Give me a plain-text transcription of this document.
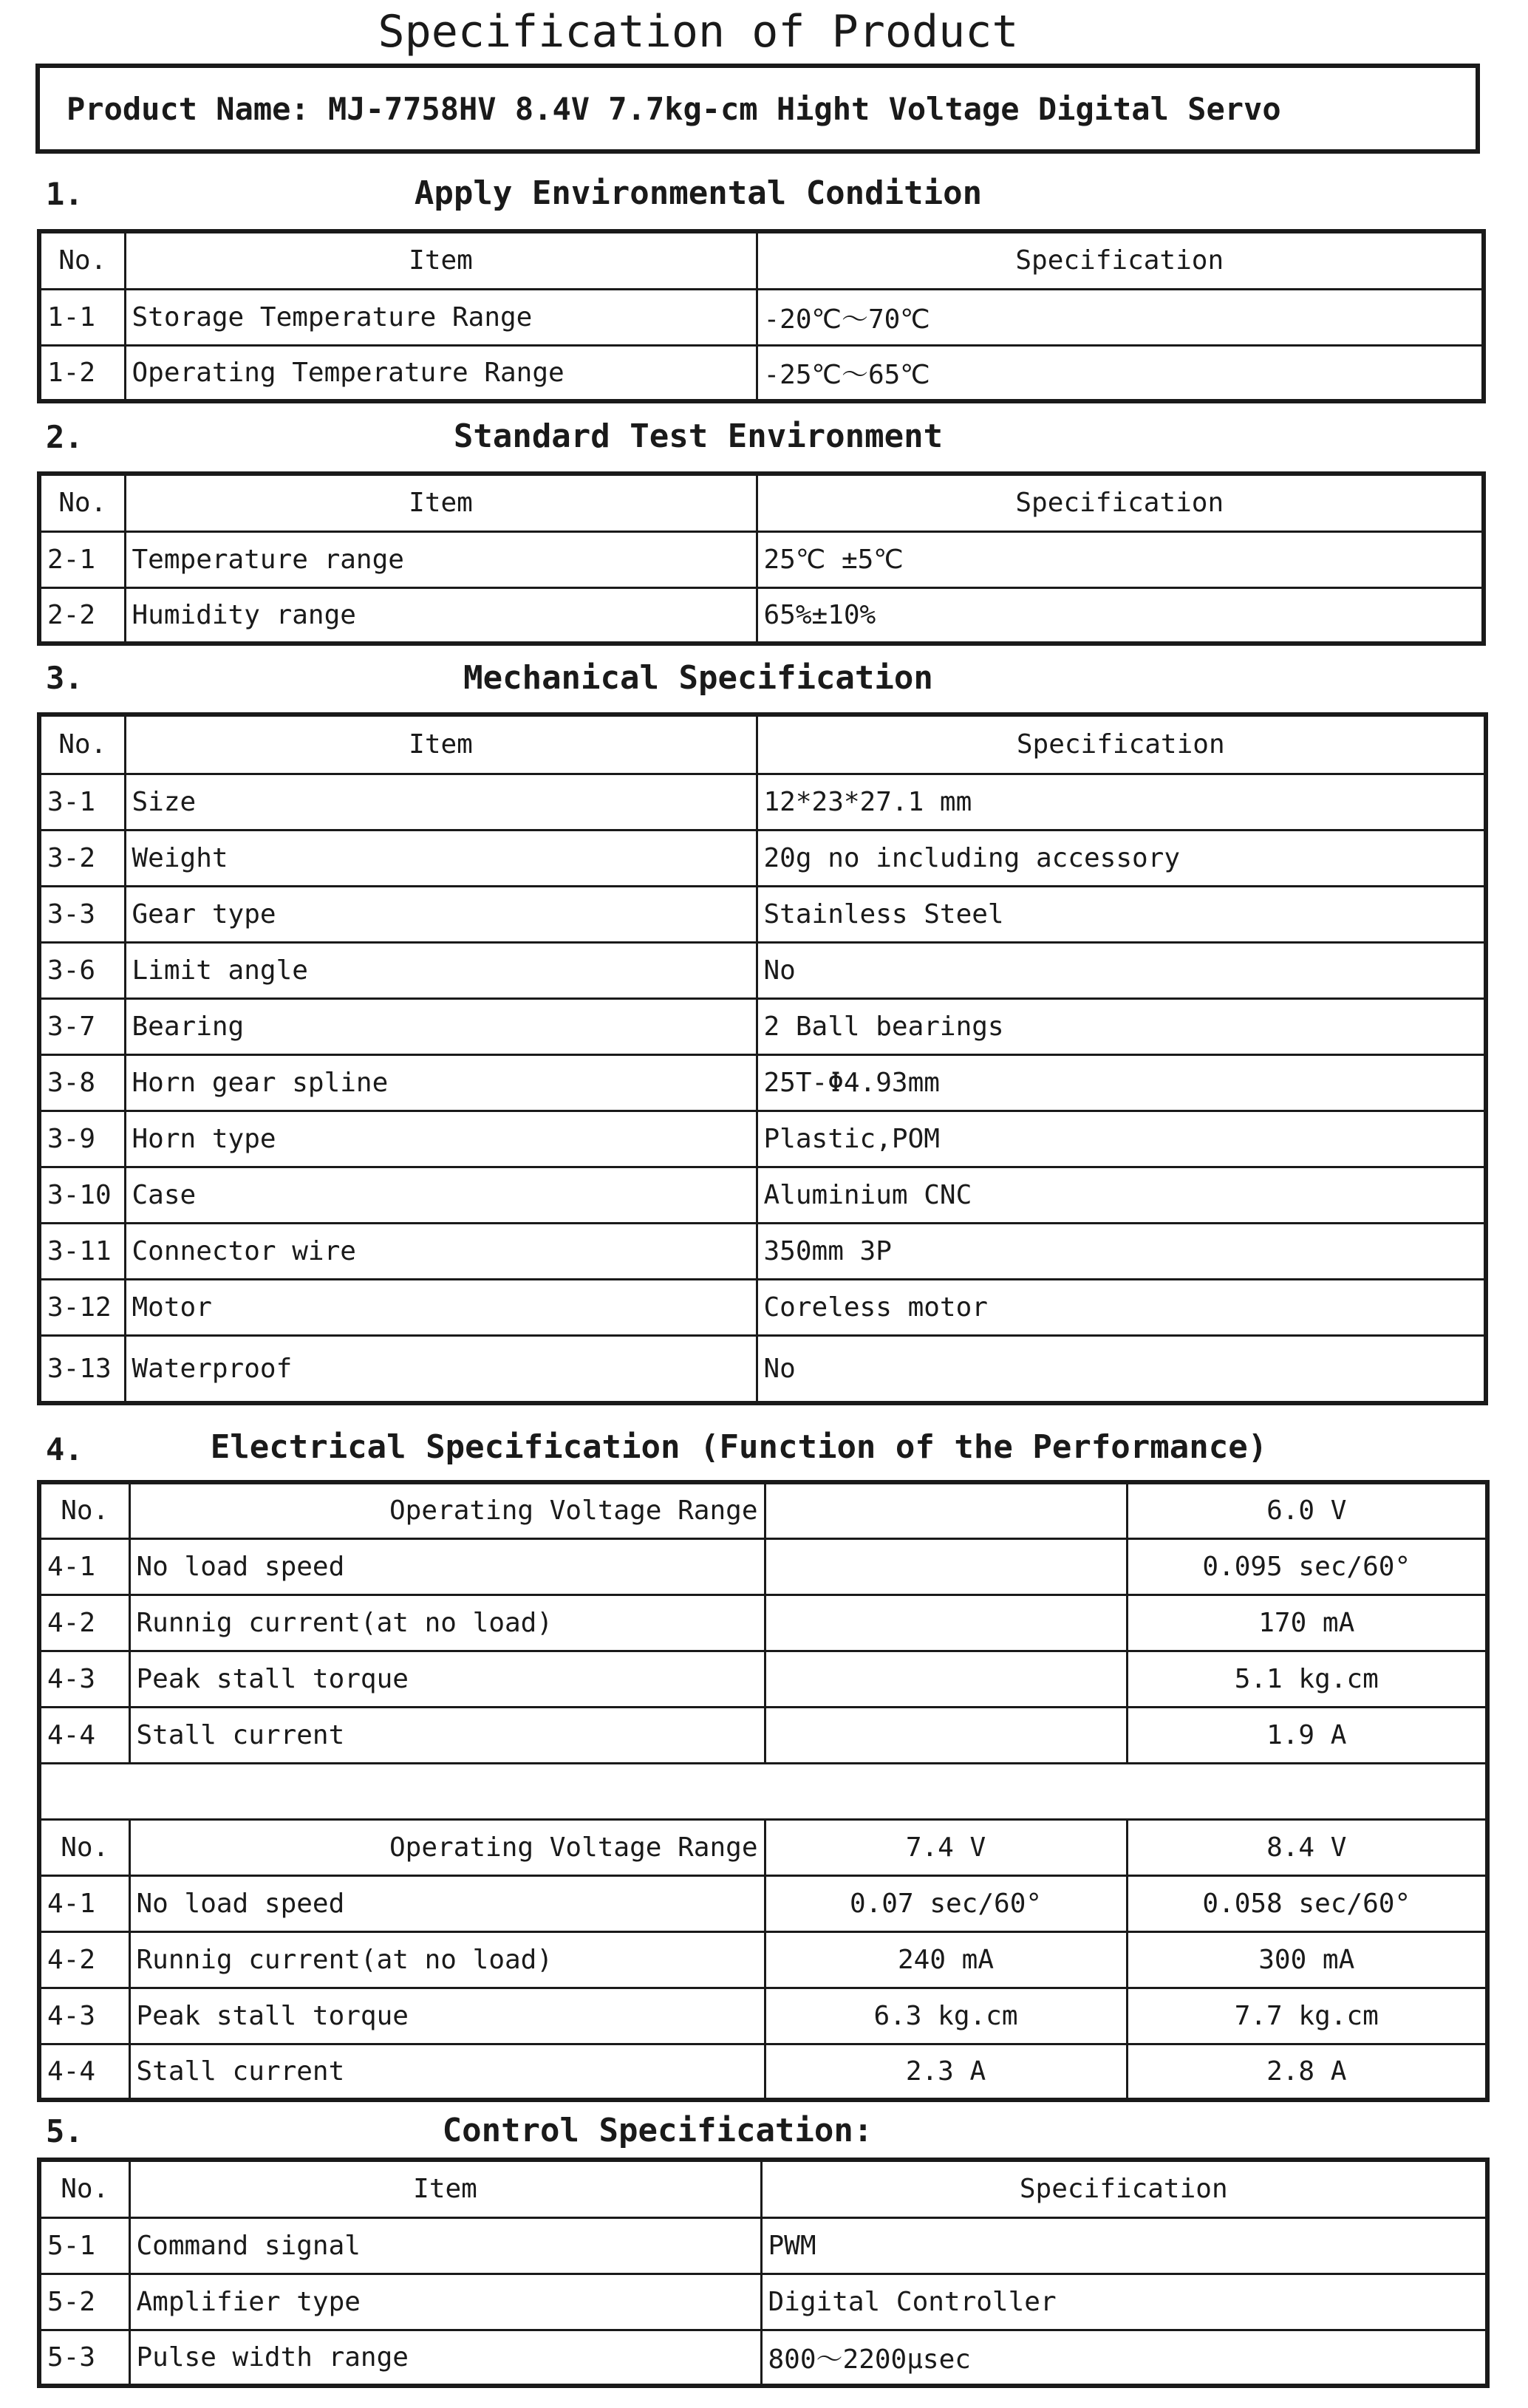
Specification of Product
Product Name: MJ-7758HV 8.4V 7.7kg-cm Hight Voltage Digital Servo
1.	Apply Environmental Condition
No.	Item	Specification
1-1	Storage Temperature Range	-20℃～70℃
1-2	Operating Temperature Range	-25℃～65℃
2.	Standard Test Environment
No.	Item	Specification
2-1	Temperature range	25℃ ±5℃
2-2	Humidity range	65%±10%
3.	Mechanical Specification
No.	Item	Specification
3-1	Size	12*23*27.1 mm
3-2	Weight	20g no including accessory
3-3	Gear type	Stainless Steel
3-6	Limit angle	No
3-7	Bearing	2 Ball bearings
3-8	Horn gear spline	25T-Φ4.93mm
3-9	Horn type	Plastic,POM
3-10	Case	Aluminium CNC
3-11	Connector wire	350mm 3P
3-12	Motor	Coreless motor
3-13	Waterproof	No
4.	Electrical Specification (Function of the Performance)
No.	Operating Voltage Range		6.0 V
4-1	No load speed		0.095 sec/60°
4-2	Runnig current(at no load)		170 mA
4-3	Peak stall torque		5.1 kg.cm
4-4	Stall current		1.9 A

No.	Operating Voltage Range	7.4 V	8.4 V
4-1	No load speed	0.07 sec/60°	0.058 sec/60°
4-2	Runnig current(at no load)	240 mA	300 mA
4-3	Peak stall torque	6.3 kg.cm	7.7 kg.cm
4-4	Stall current	2.3 A	2.8 A
5.	Control Specification:
No.	Item	Specification
5-1	Command signal	PWM
5-2	Amplifier type	Digital Controller
5-3	Pulse width range	800～2200μsec
